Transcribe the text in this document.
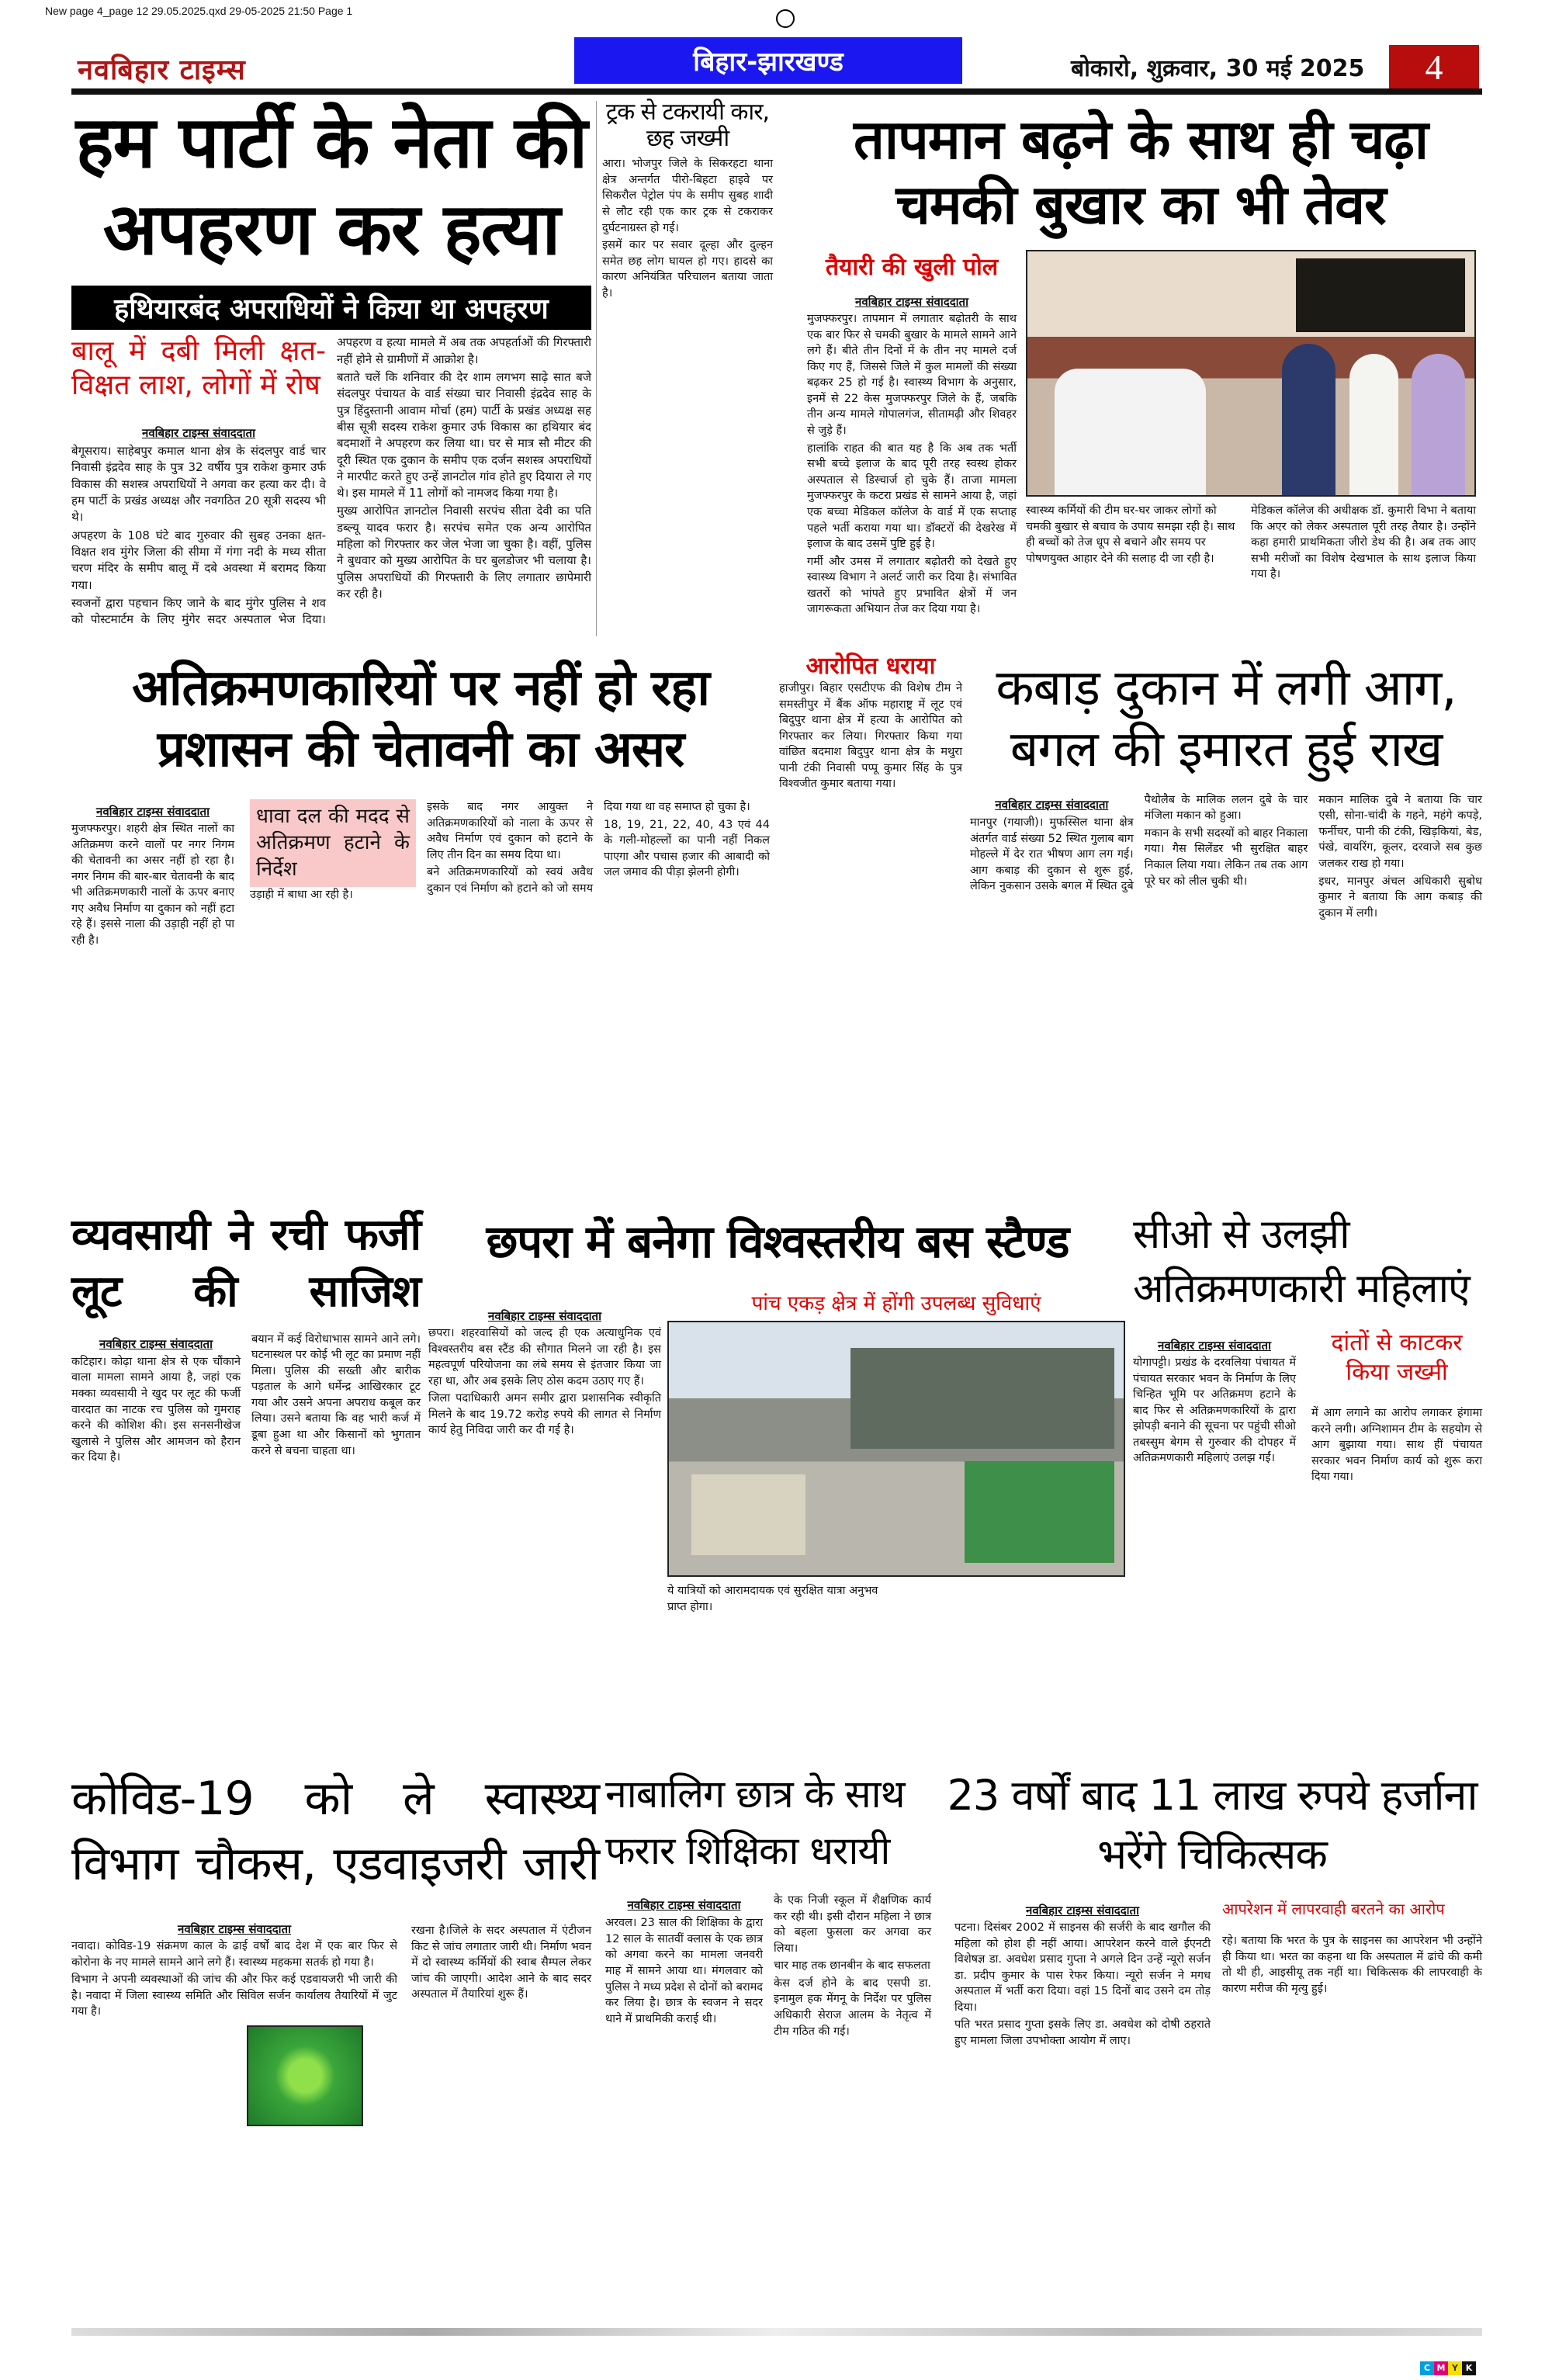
New page 4_page 12 29.05.2025.qxd 29-05-2025 21:50 Page 1
नवबिहार टाइम्स	बिहार-झारखण्ड	बोकारो, शुक्रवार, 30 मई 2025	4
हम पार्टी के नेता की अपहरण कर हत्या
हथियारबंद अपराधियों ने किया था अपहरण
बालू में दबी मिली क्षत-विक्षत लाश, लोगों में रोष
नवबिहार टाइम्स संवाददाता

बेगूसराय। साहेबपुर कमाल थाना क्षेत्र के संदलपुर वार्ड चार निवासी इंद्रदेव साह के पुत्र 32 वर्षीय पुत्र राकेश कुमार उर्फ विकास की सशस्त्र अपराधियों ने अगवा कर हत्या कर दी। वे हम पार्टी के प्रखंड अध्यक्ष और नवगठित 20 सूत्री सदस्य भी थे।

अपहरण के 108 घंटे बाद गुरुवार की सुबह उनका क्षत-विक्षत शव मुंगेर जिला की सीमा में गंगा नदी के मध्य सीता चरण मंदिर के समीप बालू में दबे अवस्था में बरामद किया गया।

स्वजनों द्वारा पहचान किए जाने के बाद मुंगेर पुलिस ने शव को पोस्टमार्टम के लिए मुंगेर सदर अस्पताल भेज दिया। अपहरण व हत्या मामले में अब तक अपहर्ताओं की गिरफ्तारी नहीं होने से ग्रामीणों में आक्रोश है।

बताते चलें कि शनिवार की देर शाम लगभग साढ़े सात बजे संदलपुर पंचायत के वार्ड संख्या चार निवासी इंद्रदेव साह के पुत्र हिंदुस्तानी आवाम मोर्चा (हम) पार्टी के प्रखंड अध्यक्ष सह बीस सूत्री सदस्य राकेश कुमार उर्फ विकास का हथियार बंद बदमाशों ने अपहरण कर लिया था। घर से मात्र सौ मीटर की दूरी स्थित एक दुकान के समीप एक दर्जन सशस्त्र अपराधियों ने मारपीट करते हुए उन्हें ज्ञानटोल गांव होते हुए दियारा ले गए थे। इस मामले में 11 लोगों को नामजद किया गया है।

मुख्य आरोपित ज्ञानटोल निवासी सरपंच सीता देवी का पति डब्ल्यू यादव फरार है। सरपंच समेत एक अन्य आरोपित महिला को गिरफ्तार कर जेल भेजा जा चुका है। वहीं, पुलिस ने बुधवार को मुख्य आरोपित के घर बुलडोजर भी चलाया है। पुलिस अपराधियों की गिरफ्तारी के लिए लगातार छापेमारी कर रही है।

ट्रक से टकरायी कार, छह जख्मी

आरा। भोजपुर जिले के सिकरहटा थाना क्षेत्र अन्तर्गत पीरो-बिहटा हाइवे पर सिकरौल पेट्रोल पंप के समीप सुबह शादी से लौट रही एक कार ट्रक से टकराकर दुर्घटनाग्रस्त हो गई।

इसमें कार पर सवार दूल्हा और दुल्हन समेत छह लोग घायल हो गए। हादसे का कारण अनियंत्रित परिचालन बताया जाता है।

तापमान बढ़ने के साथ ही चढ़ा चमकी बुखार का भी तेवर
तैयारी की खुली पोल
नवबिहार टाइम्स संवाददाता

मुजफ्फरपुर। तापमान में लगातार बढ़ोतरी के साथ एक बार फिर से चमकी बुखार के मामले सामने आने लगे हैं। बीते तीन दिनों में के तीन नए मामले दर्ज किए गए हैं, जिससे जिले में कुल मामलों की संख्या बढ़कर 25 हो गई है। स्वास्थ्य विभाग के अनुसार, इनमें से 22 केस मुजफ्फरपुर जिले के हैं, जबकि तीन अन्य मामले गोपालगंज, सीतामढ़ी और शिवहर से जुड़े हैं।

हालांकि राहत की बात यह है कि अब तक भर्ती सभी बच्चे इलाज के बाद पूरी तरह स्वस्थ होकर अस्पताल से डिस्चार्ज हो चुके हैं। ताजा मामला मुजफ्फरपुर के कटरा प्रखंड से सामने आया है, जहां एक बच्चा मेडिकल कॉलेज के वार्ड में एक सप्ताह पहले भर्ती कराया गया था। डॉक्टरों की देखरेख में इलाज के बाद उसमें पुष्टि हुई है।

गर्मी और उमस में लगातार बढ़ोतरी को देखते हुए स्वास्थ्य विभाग ने अलर्ट जारी कर दिया है। संभावित खतरों को भांपते हुए प्रभावित क्षेत्रों में जन जागरूकता अभियान तेज कर दिया गया है।

स्वास्थ्य कर्मियों की टीम घर-घर जाकर लोगों को चमकी बुखार से बचाव के उपाय समझा रही है। साथ ही बच्चों को तेज धूप से बचाने और समय पर पोषणयुक्त आहार देने की सलाह दी जा रही है।

मेडिकल कॉलेज की अधीक्षक डॉ. कुमारी विभा ने बताया कि अएर को लेकर अस्पताल पूरी तरह तैयार है। उन्होंने कहा हमारी प्राथमिकता जीरो डेथ की है। अब तक आए सभी मरीजों का विशेष देखभाल के साथ इलाज किया गया है।

अतिक्रमणकारियों पर नहीं हो रहा प्रशासन की चेतावनी का असर
नवबिहार टाइम्स संवाददाता

मुजफ्फरपुर। शहरी क्षेत्र स्थित नालों का अतिक्रमण करने वालों पर नगर निगम की चेतावनी का असर नहीं हो रहा है। नगर निगम की बार-बार चेतावनी के बाद भी अतिक्रमणकारी नालों के ऊपर बनाए गए अवैध निर्माण या दुकान को नहीं हटा रहे हैं। इससे नाला की उड़ाही नहीं हो पा रही है।

धावा दल की मदद से अतिक्रमण हटाने के निर्देश

उड़ाही में बाधा आ रही है।

इसके बाद नगर आयुक्त ने अतिक्रमणकारियों को नाला के ऊपर से अवैध निर्माण एवं दुकान को हटाने के लिए तीन दिन का समय दिया था।

बने अतिक्रमणकारियों को स्वयं अवैध दुकान एवं निर्माण को हटाने को जो समय दिया गया था वह समाप्त हो चुका है।

18, 19, 21, 22, 40, 43 एवं 44 के गली-मोहल्लों का पानी नहीं निकल पाएगा और पचास हजार की आबादी को जल जमाव की पीड़ा झेलनी होगी।

आरोपित धराया

हाजीपुर। बिहार एसटीएफ की विशेष टीम ने समस्तीपुर में बैंक ऑफ महाराष्ट्र में लूट एवं बिदुपुर थाना क्षेत्र में हत्या के आरोपित को गिरफ्तार कर लिया। गिरफ्तार किया गया वांछित बदमाश बिदुपुर थाना क्षेत्र के मथुरा पानी टंकी निवासी पप्पू कुमार सिंह के पुत्र विश्वजीत कुमार बताया गया।

कबाड़ दुकान में लगी आग, बगल की इमारत हुई राख
नवबिहार टाइम्स संवाददाता

मानपुर (गयाजी)। मुफस्सिल थाना क्षेत्र अंतर्गत वार्ड संख्या 52 स्थित गुलाब बाग मोहल्ले में देर रात भीषण आग लग गई। आग कबाड़ की दुकान से शुरू हुई, लेकिन नुकसान उसके बगल में स्थित दुबे पैथोलैब के मालिक ललन दुबे के चार मंजिला मकान को हुआ।

मकान के सभी सदस्यों को बाहर निकाला गया। गैस सिलेंडर भी सुरक्षित बाहर निकाल लिया गया। लेकिन तब तक आग पूरे घर को लील चुकी थी।

मकान मालिक दुबे ने बताया कि चार एसी, सोना-चांदी के गहने, महंगे कपड़े, फर्नीचर, पानी की टंकी, खिड़कियां, बेड, पंखे, वायरिंग, कूलर, दरवाजे सब कुछ जलकर राख हो गया।

इधर, मानपुर अंचल अधिकारी सुबोध कुमार ने बताया कि आग कबाड़ की दुकान में लगी।

व्यवसायी ने रची फर्जी लूट की साजिश
नवबिहार टाइम्स संवाददाता

कटिहार। कोढ़ा थाना क्षेत्र से एक चौंकाने वाला मामला सामने आया है, जहां एक मक्का व्यवसायी ने खुद पर लूट की फर्जी वारदात का नाटक रच पुलिस को गुमराह करने की कोशिश की। इस सनसनीखेज खुलासे ने पुलिस और आमजन को हैरान कर दिया है।

बयान में कई विरोधाभास सामने आने लगे। घटनास्थल पर कोई भी लूट का प्रमाण नहीं मिला। पुलिस की सख्ती और बारीक पड़ताल के आगे धर्मेन्द्र आखिरकार टूट गया और उसने अपना अपराध कबूल कर लिया। उसने बताया कि वह भारी कर्ज में डूबा हुआ था और किसानों को भुगतान करने से बचना चाहता था।

छपरा में बनेगा विश्वस्तरीय बस स्टैण्ड
नवबिहार टाइम्स संवाददाता

छपरा। शहरवासियों को जल्द ही एक अत्याधुनिक एवं विश्वस्तरीय बस स्टैंड की सौगात मिलने जा रही है। इस महत्वपूर्ण परियोजना का लंबे समय से इंतजार किया जा रहा था, और अब इसके लिए ठोस कदम उठाए गए हैं।

जिला पदाधिकारी अमन समीर द्वारा प्रशासनिक स्वीकृति मिलने के बाद 19.72 करोड़ रुपये की लागत से निर्माण कार्य हेतु निविदा जारी कर दी गई है।

पांच एकड़ क्षेत्र में होंगी उपलब्ध सुविधाएं
ये यात्रियों को आरामदायक एवं सुरक्षित यात्रा अनुभव प्राप्त होगा।
सीओ से उलझी अतिक्रमणकारी महिलाएं
नवबिहार टाइम्स संवाददाता

योगापट्टी। प्रखंड के दरवलिया पंचायत में पंचायत सरकार भवन के निर्माण के लिए चिन्हित भूमि पर अतिक्रमण हटाने के बाद फिर से अतिक्रमणकारियों के द्वारा झोपड़ी बनाने की सूचना पर पहुंची सीओ तबस्सुम बेगम से गुरुवार की दोपहर में अतिक्रमणकारी महिलाएं उलझ गईं।

दांतों से काटकर किया जख्मी

में आग लगाने का आरोप लगाकर हंगामा करने लगी। अग्निशामन टीम के सहयोग से आग बुझाया गया। साथ हीं पंचायत सरकार भवन निर्माण कार्य को शुरू करा दिया गया।

कोविड-19 को ले स्वास्थ्य विभाग चौकस, एडवाइजरी जारी
नवबिहार टाइम्स संवाददाता

नवादा। कोविड-19 संक्रमण काल के ढाई वर्षों बाद देश में एक बार फिर से कोरोना के नए मामले सामने आने लगे हैं। स्वास्थ्य महकमा सतर्क हो गया है।

विभाग ने अपनी व्यवस्थाओं की जांच की और फिर कई एडवायजरी भी जारी की है। नवादा में जिला स्वास्थ्य समिति और सिविल सर्जन कार्यालय तैयारियों में जुट गया है।

रखना है।जिले के सदर अस्पताल में एंटीजन किट से जांच लगातार जारी थी। निर्माण भवन में दो स्वास्थ्य कर्मियों की स्वाब सैम्पल लेकर जांच की जाएगी। आदेश आने के बाद सदर अस्पताल में तैयारियां शुरू हैं।

नाबालिग छात्र के साथ फरार शिक्षिका धरायी
नवबिहार टाइम्स संवाददाता

अरवल। 23 साल की शिक्षिका के द्वारा 12 साल के सातवीं क्लास के एक छात्र को अगवा करने का मामला जनवरी माह में सामने आया था। मंगलवार को पुलिस ने मध्य प्रदेश से दोनों को बरामद कर लिया है। छात्र के स्वजन ने सदर थाने में प्राथमिकी कराई थी।

के एक निजी स्कूल में शैक्षणिक कार्य कर रही थी। इसी दौरान महिला ने छात्र को बहला फुसला कर अगवा कर लिया।

चार माह तक छानबीन के बाद सफलता

केस दर्ज होने के बाद एसपी डा. इनामुल हक मेंगनू के निर्देश पर पुलिस अधिकारी सेराज आलम के नेतृत्व में टीम गठित की गई।

23 वर्षों बाद 11 लाख रुपये हर्जाना भरेंगे चिकित्सक
नवबिहार टाइम्स संवाददाता

पटना। दिसंबर 2002 में साइनस की सर्जरी के बाद खगौल की महिला को होश ही नहीं आया। आपरेशन करने वाले ईएनटी विशेषज्ञ डा. अवधेश प्रसाद गुप्ता ने अगले दिन उन्हें न्यूरो सर्जन डा. प्रदीप कुमार के पास रेफर किया। न्यूरो सर्जन ने मगध अस्पताल में भर्ती करा दिया। वहां 15 दिनों बाद उसने दम तोड़ दिया।

पति भरत प्रसाद गुप्ता इसके लिए डा. अवधेश को दोषी ठहराते हुए मामला जिला उपभोक्ता आयोग में लाए।

आपरेशन में लापरवाही बरतने का आरोप

रहे। बताया कि भरत के पुत्र के साइनस का आपरेशन भी उन्होंने ही किया था। भरत का कहना था कि अस्पताल में ढांचे की कमी तो थी ही, आइसीयू तक नहीं था। चिकित्सक की लापरवाही के कारण मरीज की मृत्यु हुई।

C M Y K
